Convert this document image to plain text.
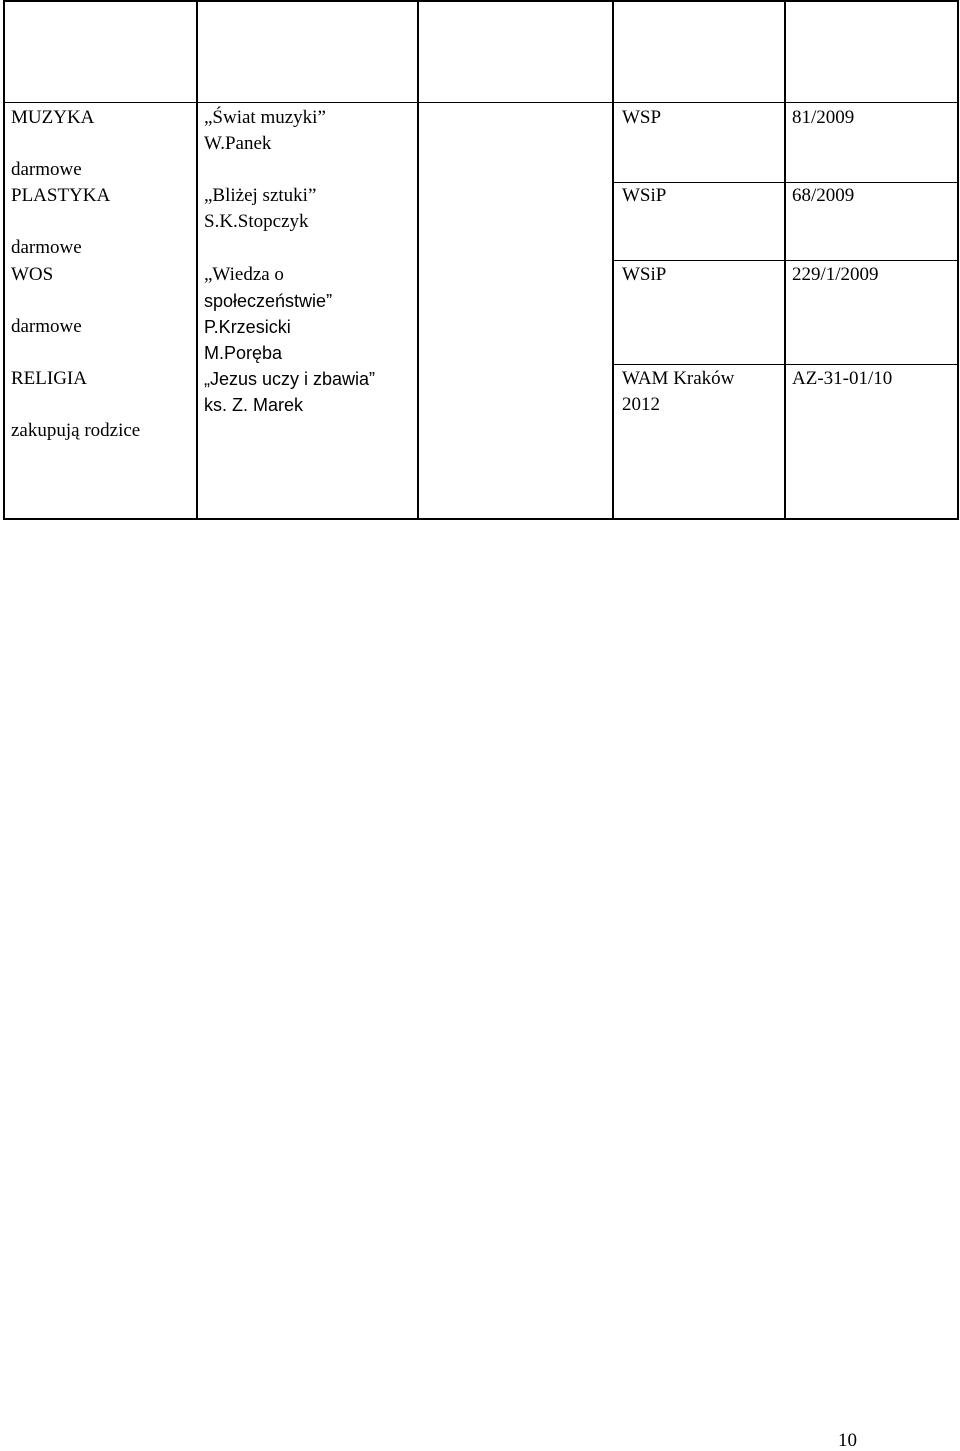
MUZYKA
darmowe
PLASTYKA
darmowe
WOS
darmowe
RELIGIA
zakupują rodzice
„Świat muzyki”
W.Panek
„Bliżej sztuki”
S.K.Stopczyk
„Wiedza o
społeczeństwie”
P.Krzesicki
M.Poręba
„Jezus uczy i zbawia”
ks. Z. Marek
WSP
WSiP
WSiP
WAM Kraków
2012
81/2009
68/2009
229/1/2009
AZ-31-01/10
10
